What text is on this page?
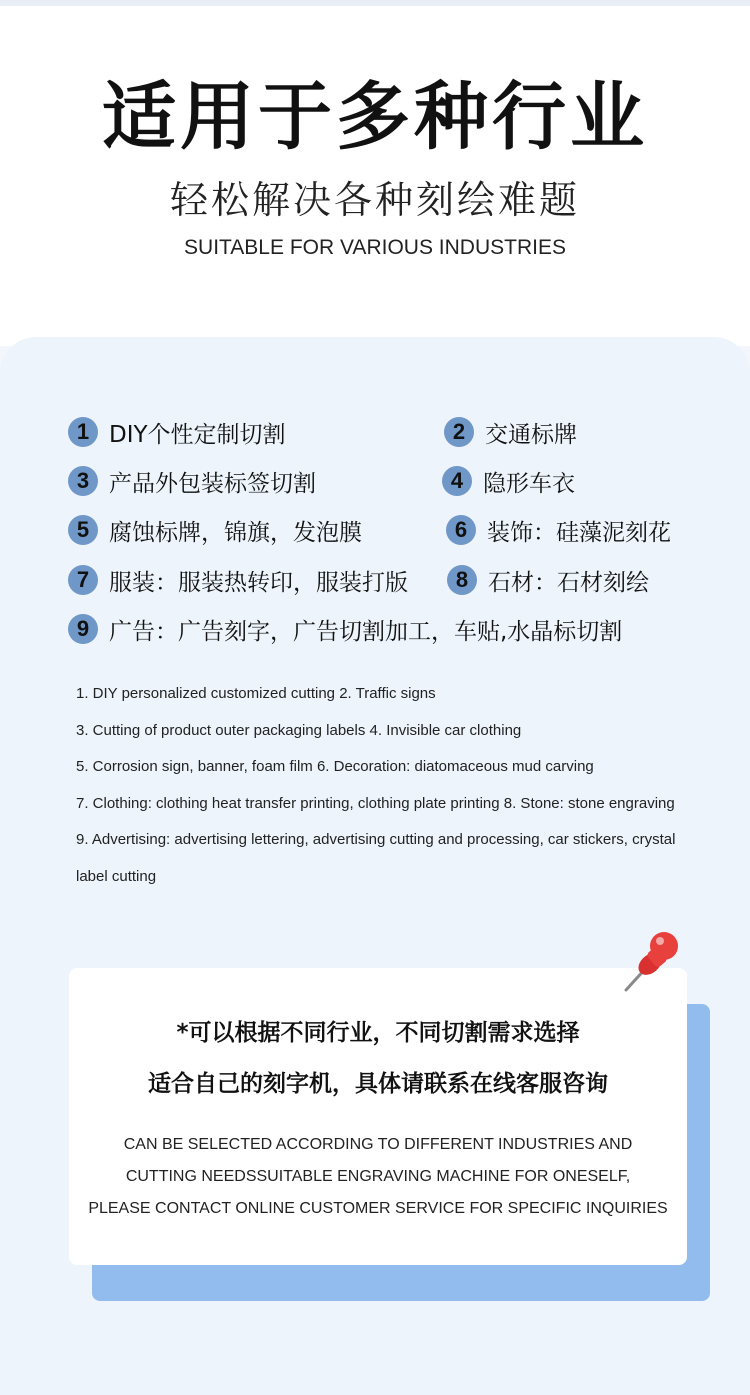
适用于多种行业
轻松解决各种刻绘难题
SUITABLE FOR VARIOUS INDUSTRIES
1 DIY个性定制切割	2 交通标牌
3 产品外包装标签切割	4 隐形车衣
5 腐蚀标牌，锦旗，发泡膜	6 装饰：硅藻泥刻花
7 服装：服装热转印，服装打版	8 石材：石材刻绘
9 广告：广告刻字，广告切割加工，车贴,水晶标切割
1. DIY personalized customized cutting 2. Traffic signs
3. Cutting of product outer packaging labels 4. Invisible car clothing
5. Corrosion sign, banner, foam film 6. Decoration: diatomaceous mud carving
7. Clothing: clothing heat transfer printing, clothing plate printing 8. Stone: stone engraving
9. Advertising: advertising lettering, advertising cutting and processing, car stickers, crystal
label cutting
*可以根据不同行业，不同切割需求选择
适合自己的刻字机，具体请联系在线客服咨询
CAN BE SELECTED ACCORDING TO DIFFERENT INDUSTRIES AND
CUTTING NEEDSSUITABLE ENGRAVING MACHINE FOR ONESELF,
PLEASE CONTACT ONLINE CUSTOMER SERVICE FOR SPECIFIC INQUIRIES
